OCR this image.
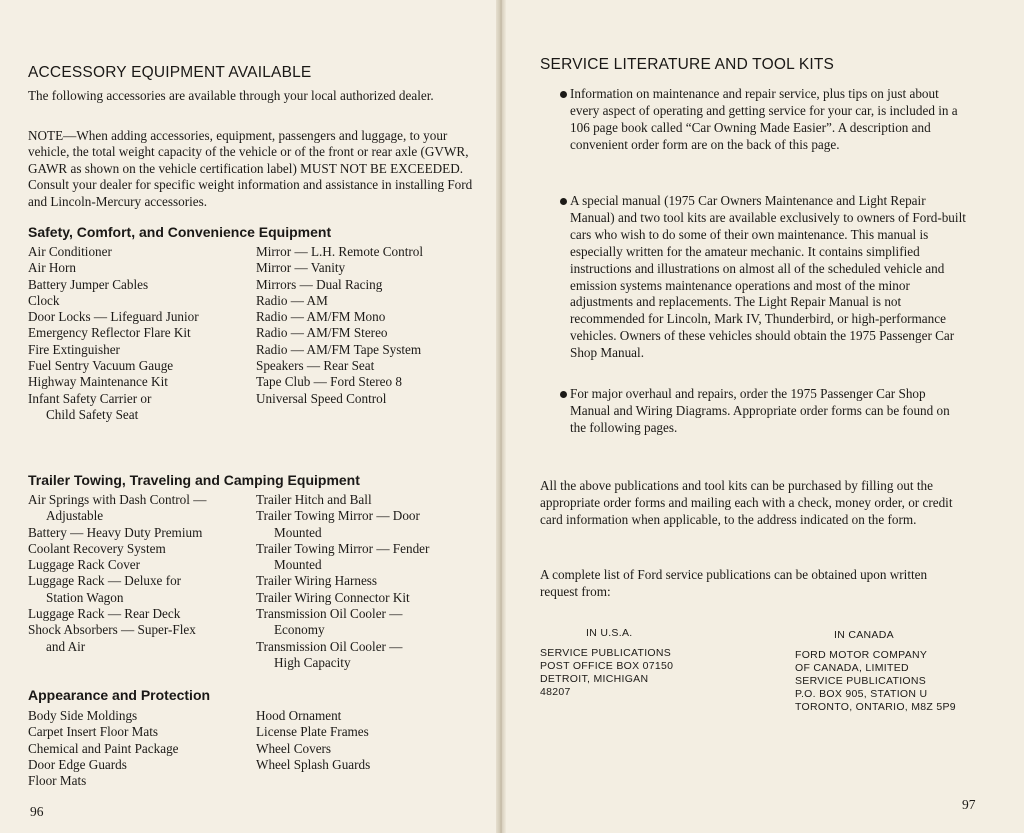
ACCESSORY EQUIPMENT AVAILABLE

The following accessories are available through your local authorized dealer.

NOTE—When adding accessories, equipment, passengers and luggage, to your vehicle, the total weight capacity of the vehicle or of the front or rear axle (GVWR, GAWR as shown on the vehicle certification label) MUST NOT BE EXCEEDED. Consult your dealer for specific weight information and assistance in installing Ford and Lincoln-Mercury accessories.

Safety, Comfort, and Convenience Equipment
Air Conditioner
Air Horn
Battery Jumper Cables
Clock
Door Locks — Lifeguard Junior
Emergency Reflector Flare Kit
Fire Extinguisher
Fuel Sentry Vacuum Gauge
Highway Maintenance Kit
Infant Safety Carrier or
Child Safety Seat
Mirror — L.H. Remote Control
Mirror — Vanity
Mirrors — Dual Racing
Radio — AM
Radio — AM/FM Mono
Radio — AM/FM Stereo
Radio — AM/FM Tape System
Speakers — Rear Seat
Tape Club — Ford Stereo 8
Universal Speed Control
Trailer Towing, Traveling and Camping Equipment
Air Springs with Dash Control —
Adjustable
Battery — Heavy Duty Premium
Coolant Recovery System
Luggage Rack Cover
Luggage Rack — Deluxe for
Station Wagon
Luggage Rack — Rear Deck
Shock Absorbers — Super-Flex
and Air
Trailer Hitch and Ball
Trailer Towing Mirror — Door
Mounted
Trailer Towing Mirror — Fender
Mounted
Trailer Wiring Harness
Trailer Wiring Connector Kit
Transmission Oil Cooler —
Economy
Transmission Oil Cooler —
High Capacity
Appearance and Protection
Body Side Moldings
Carpet Insert Floor Mats
Chemical and Paint Package
Door Edge Guards
Floor Mats
Hood Ornament
License Plate Frames
Wheel Covers
Wheel Splash Guards
96
SERVICE LITERATURE AND TOOL KITS
Information on maintenance and repair service, plus tips on just about every aspect of operating and getting service for your car, is included in a 106 page book called “Car Owning Made Easier”. A description and convenient order form are on the back of this page.
A special manual (1975 Car Owners Maintenance and Light Repair Manual) and two tool kits are available exclusively to owners of Ford-built cars who wish to do some of their own maintenance. This manual is especially written for the amateur mechanic. It contains simplified instructions and illustrations on almost all of the scheduled vehicle and emission systems maintenance operations and most of the minor adjustments and replacements. The Light Repair Manual is not recommended for Lincoln, Mark IV, Thunderbird, or high-performance vehicles. Owners of these vehicles should obtain the 1975 Passenger Car Shop Manual.
For major overhaul and repairs, order the 1975 Passenger Car Shop Manual and Wiring Diagrams. Appropriate order forms can be found on the following pages.

All the above publications and tool kits can be purchased by filling out the appropriate order forms and mailing each with a check, money order, or credit card information when applicable, to the address indicated on the form.

A complete list of Ford service publications can be obtained upon written request from:

IN U.S.A.
SERVICE PUBLICATIONS
POST OFFICE BOX 07150
DETROIT, MICHIGAN
48207
IN CANADA
FORD MOTOR COMPANY
OF CANADA, LIMITED
SERVICE PUBLICATIONS
P.O. BOX 905, STATION U
TORONTO, ONTARIO, M8Z 5P9
97
